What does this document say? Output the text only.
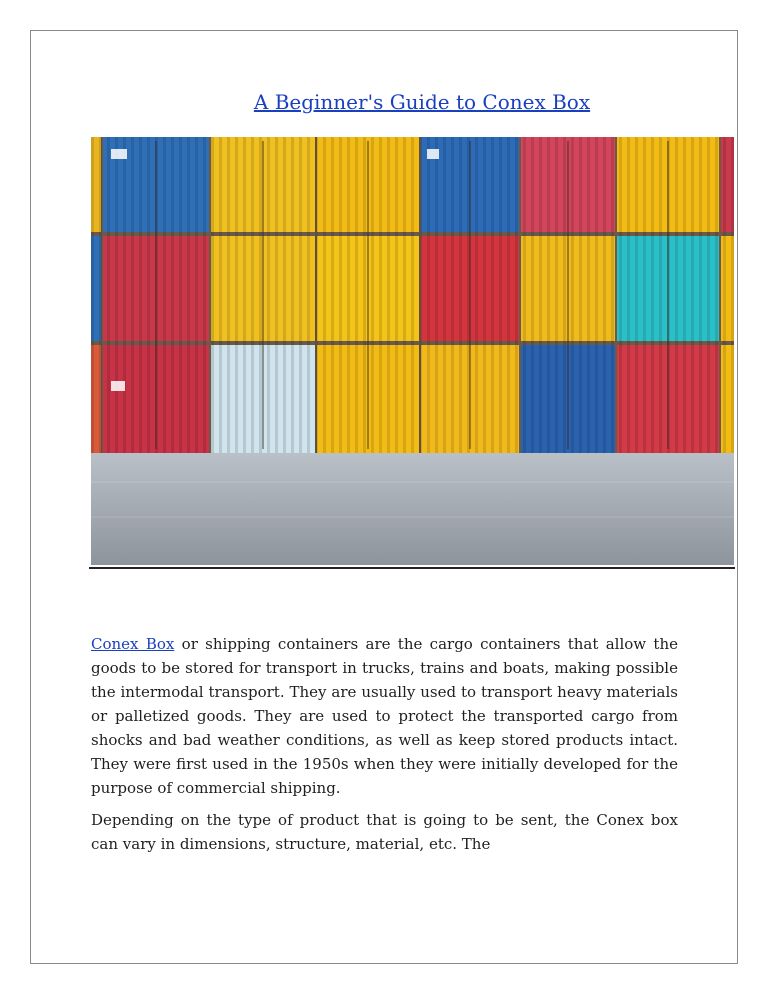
A Beginner's Guide to Conex Box

Conex Box or shipping containers are the cargo containers that allow the goods to be stored for transport in trucks, trains and boats, making possible the intermodal transport. They are usually used to transport heavy materials or palletized goods. They are used to protect the transported cargo from shocks and bad weather conditions, as well as keep stored products intact. They were first used in the 1950s when they were initially developed for the purpose of commercial shipping.

Depending on the type of product that is going to be sent, the Conex box can vary in dimensions, structure, material, etc. The
